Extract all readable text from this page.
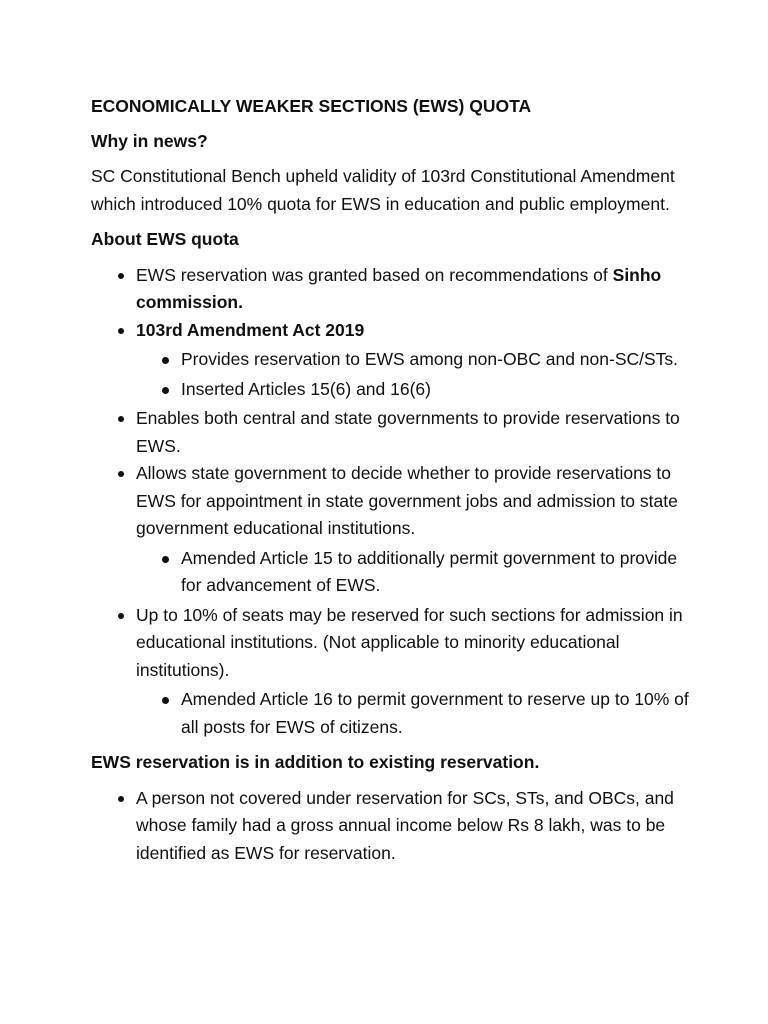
ECONOMICALLY WEAKER SECTIONS (EWS) QUOTA

Why in news?

SC Constitutional Bench upheld validity of 103rd Constitutional Amendment which introduced 10% quota for EWS in education and public employment.

About EWS quota

EWS reservation was granted based on recommendations of Sinho commission.
103rd Amendment Act 2019
Provides reservation to EWS among non-OBC and non-SC/STs.
Inserted Articles 15(6) and 16(6)
Enables both central and state governments to provide reservations to EWS.
Allows state government to decide whether to provide reservations to EWS for appointment in state government jobs and admission to state government educational institutions.
Amended Article 15 to additionally permit government to provide for advancement of EWS.
Up to 10% of seats may be reserved for such sections for admission in educational institutions. (Not applicable to minority educational institutions).
Amended Article 16 to permit government to reserve up to 10% of all posts for EWS of citizens.

EWS reservation is in addition to existing reservation.

A person not covered under reservation for SCs, STs, and OBCs, and whose family had a gross annual income below Rs 8 lakh, was to be identified as EWS for reservation.
